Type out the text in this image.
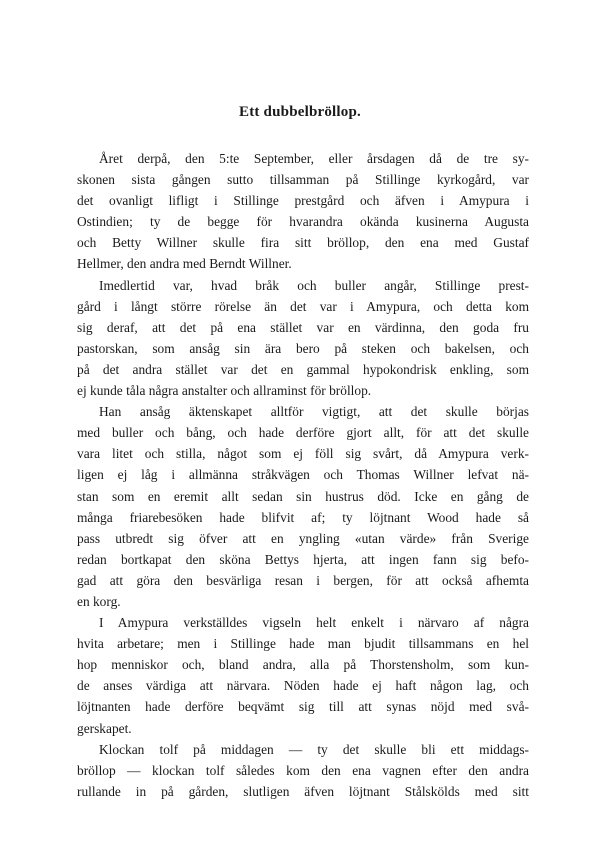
Ett dubbelbröllop.
Året derpå, den 5:te September, eller årsdagen då de tre sy-
skonen sista gången sutto tillsamman på Stillinge kyrkogård, var
det ovanligt lifligt i Stillinge prestgård och äfven i Amypura i
Ostindien; ty de begge för hvarandra okända kusinerna Augusta
och Betty Willner skulle fira sitt bröllop, den ena med Gustaf
Hellmer, den andra med Berndt Willner.
Imedlertid var, hvad bråk och buller angår, Stillinge prest-
gård i långt större rörelse än det var i Amypura, och detta kom
sig deraf, att det på ena stället var en värdinna, den goda fru
pastorskan, som ansåg sin ära bero på steken och bakelsen, och
på det andra stället var det en gammal hypokondrisk enkling, som
ej kunde tåla några anstalter och allraminst för bröllop.
Han ansåg äktenskapet alltför vigtigt, att det skulle börjas
med buller och bång, och hade derföre gjort allt, för att det skulle
vara litet och stilla, något som ej föll sig svårt, då Amypura verk-
ligen ej låg i allmänna stråkvägen och Thomas Willner lefvat nä-
stan som en eremit allt sedan sin hustrus död. Icke en gång de
många friarebesöken hade blifvit af; ty löjtnant Wood hade så
pass utbredt sig öfver att en yngling «utan värde» från Sverige
redan bortkapat den sköna Bettys hjerta, att ingen fann sig befo-
gad att göra den besvärliga resan i bergen, för att också afhemta
en korg.
I Amypura verkställdes vigseln helt enkelt i närvaro af några
hvita arbetare; men i Stillinge hade man bjudit tillsammans en hel
hop menniskor och, bland andra, alla på Thorstensholm, som kun-
de anses värdiga att närvara. Nöden hade ej haft någon lag, och
löjtnanten hade derföre beqvämt sig till att synas nöjd med svå-
gerskapet.
Klockan tolf på middagen — ty det skulle bli ett middags-
bröllop — klockan tolf således kom den ena vagnen efter den andra
rullande in på gården, slutligen äfven löjtnant Stålskölds med sitt
